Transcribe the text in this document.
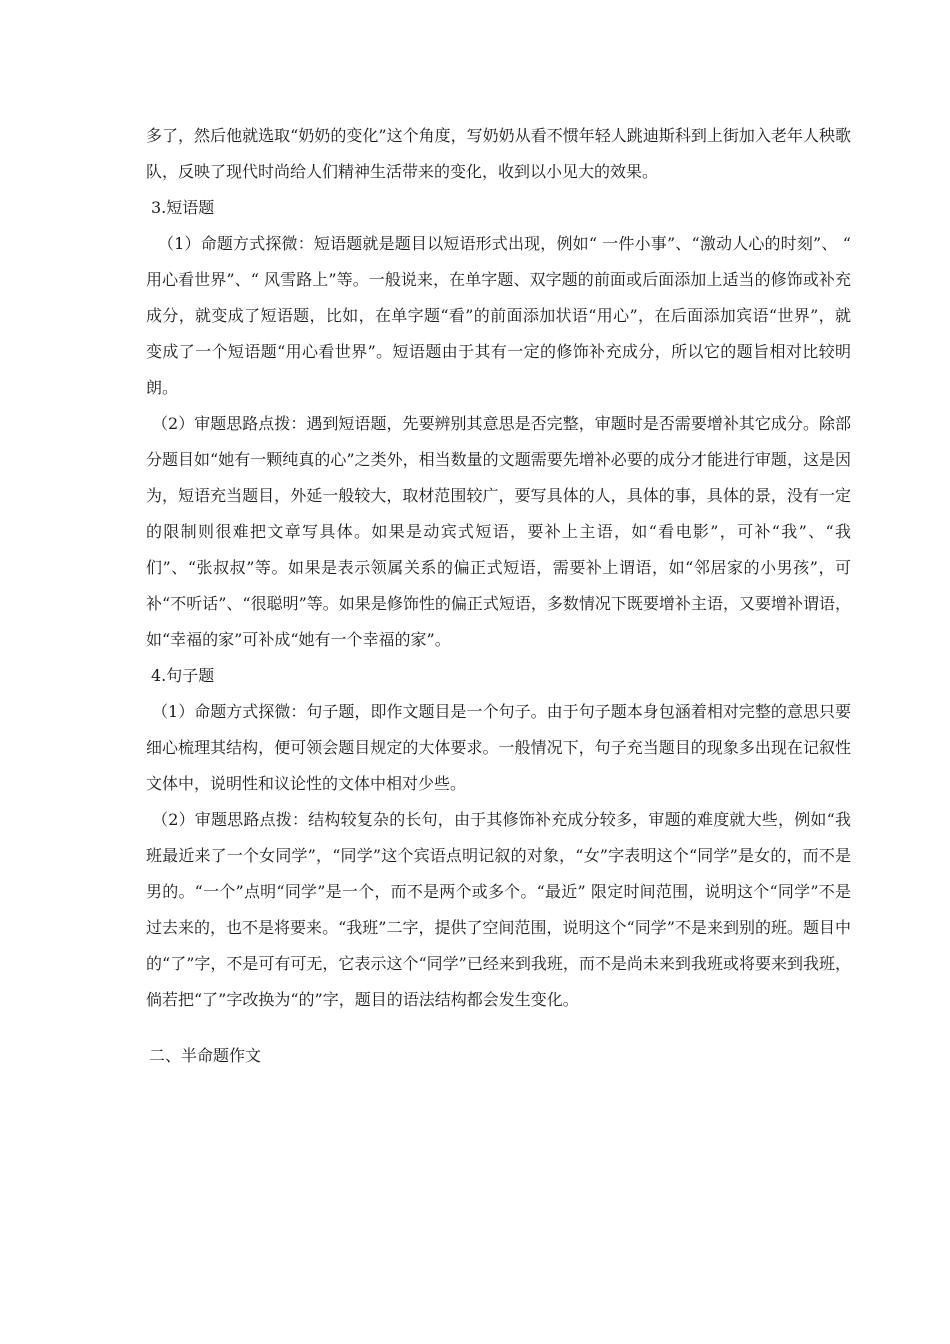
多了，然后他就选取“奶奶的变化”这个角度，写奶奶从看不惯年轻人跳迪斯科到上街加入老年人秧歌队，反映了现代时尚给人们精神生活带来的变化，收到以小见大的效果。

3.短语题

（1）命题方式探微：短语题就是题目以短语形式出现，例如“ 一件小事”、“激动人心的时刻”、 “ 用心看世界”、“ 风雪路上”等。一般说来，在单字题、双字题的前面或后面添加上适当的修饰或补充成分，就变成了短语题，比如，在单字题“看”的前面添加状语“用心”，在后面添加宾语“世界”，就变成了一个短语题“用心看世界”。短语题由于其有一定的修饰补充成分，所以它的题旨相对比较明朗。

（2）审题思路点拨：遇到短语题，先要辨别其意思是否完整，审题时是否需要增补其它成分。除部分题目如“她有一颗纯真的心”之类外，相当数量的文题需要先增补必要的成分才能进行审题，这是因为，短语充当题目，外延一般较大，取材范围较广，要写具体的人，具体的事，具体的景，没有一定的限制则很难把文章写具体。如果是动宾式短语，要补上主语，如“看电影”，可补“我”、“我们”、“张叔叔”等。如果是表示领属关系的偏正式短语，需要补上谓语，如“邻居家的小男孩”，可补“不听话”、“很聪明”等。如果是修饰性的偏正式短语，多数情况下既要增补主语，又要增补谓语，如“幸福的家”可补成“她有一个幸福的家”。

4.句子题

（1）命题方式探微：句子题，即作文题目是一个句子。由于句子题本身包涵着相对完整的意思只要细心梳理其结构，便可领会题目规定的大体要求。一般情况下，句子充当题目的现象多出现在记叙性文体中，说明性和议论性的文体中相对少些。

（2）审题思路点拨：结构较复杂的长句，由于其修饰补充成分较多，审题的难度就大些，例如“我班最近来了一个女同学”，“同学”这个宾语点明记叙的对象，“女”字表明这个“同学”是女的，而不是男的。“一个”点明“同学”是一个，而不是两个或多个。“最近” 限定时间范围，说明这个“同学”不是过去来的，也不是将要来。“我班”二字，提供了空间范围，说明这个“同学”不是来到别的班。题目中的“了”字，不是可有可无，它表示这个“同学”已经来到我班，而不是尚未来到我班或将要来到我班，倘若把“了”字改换为“的”字，题目的语法结构都会发生变化。

二、半命题作文
